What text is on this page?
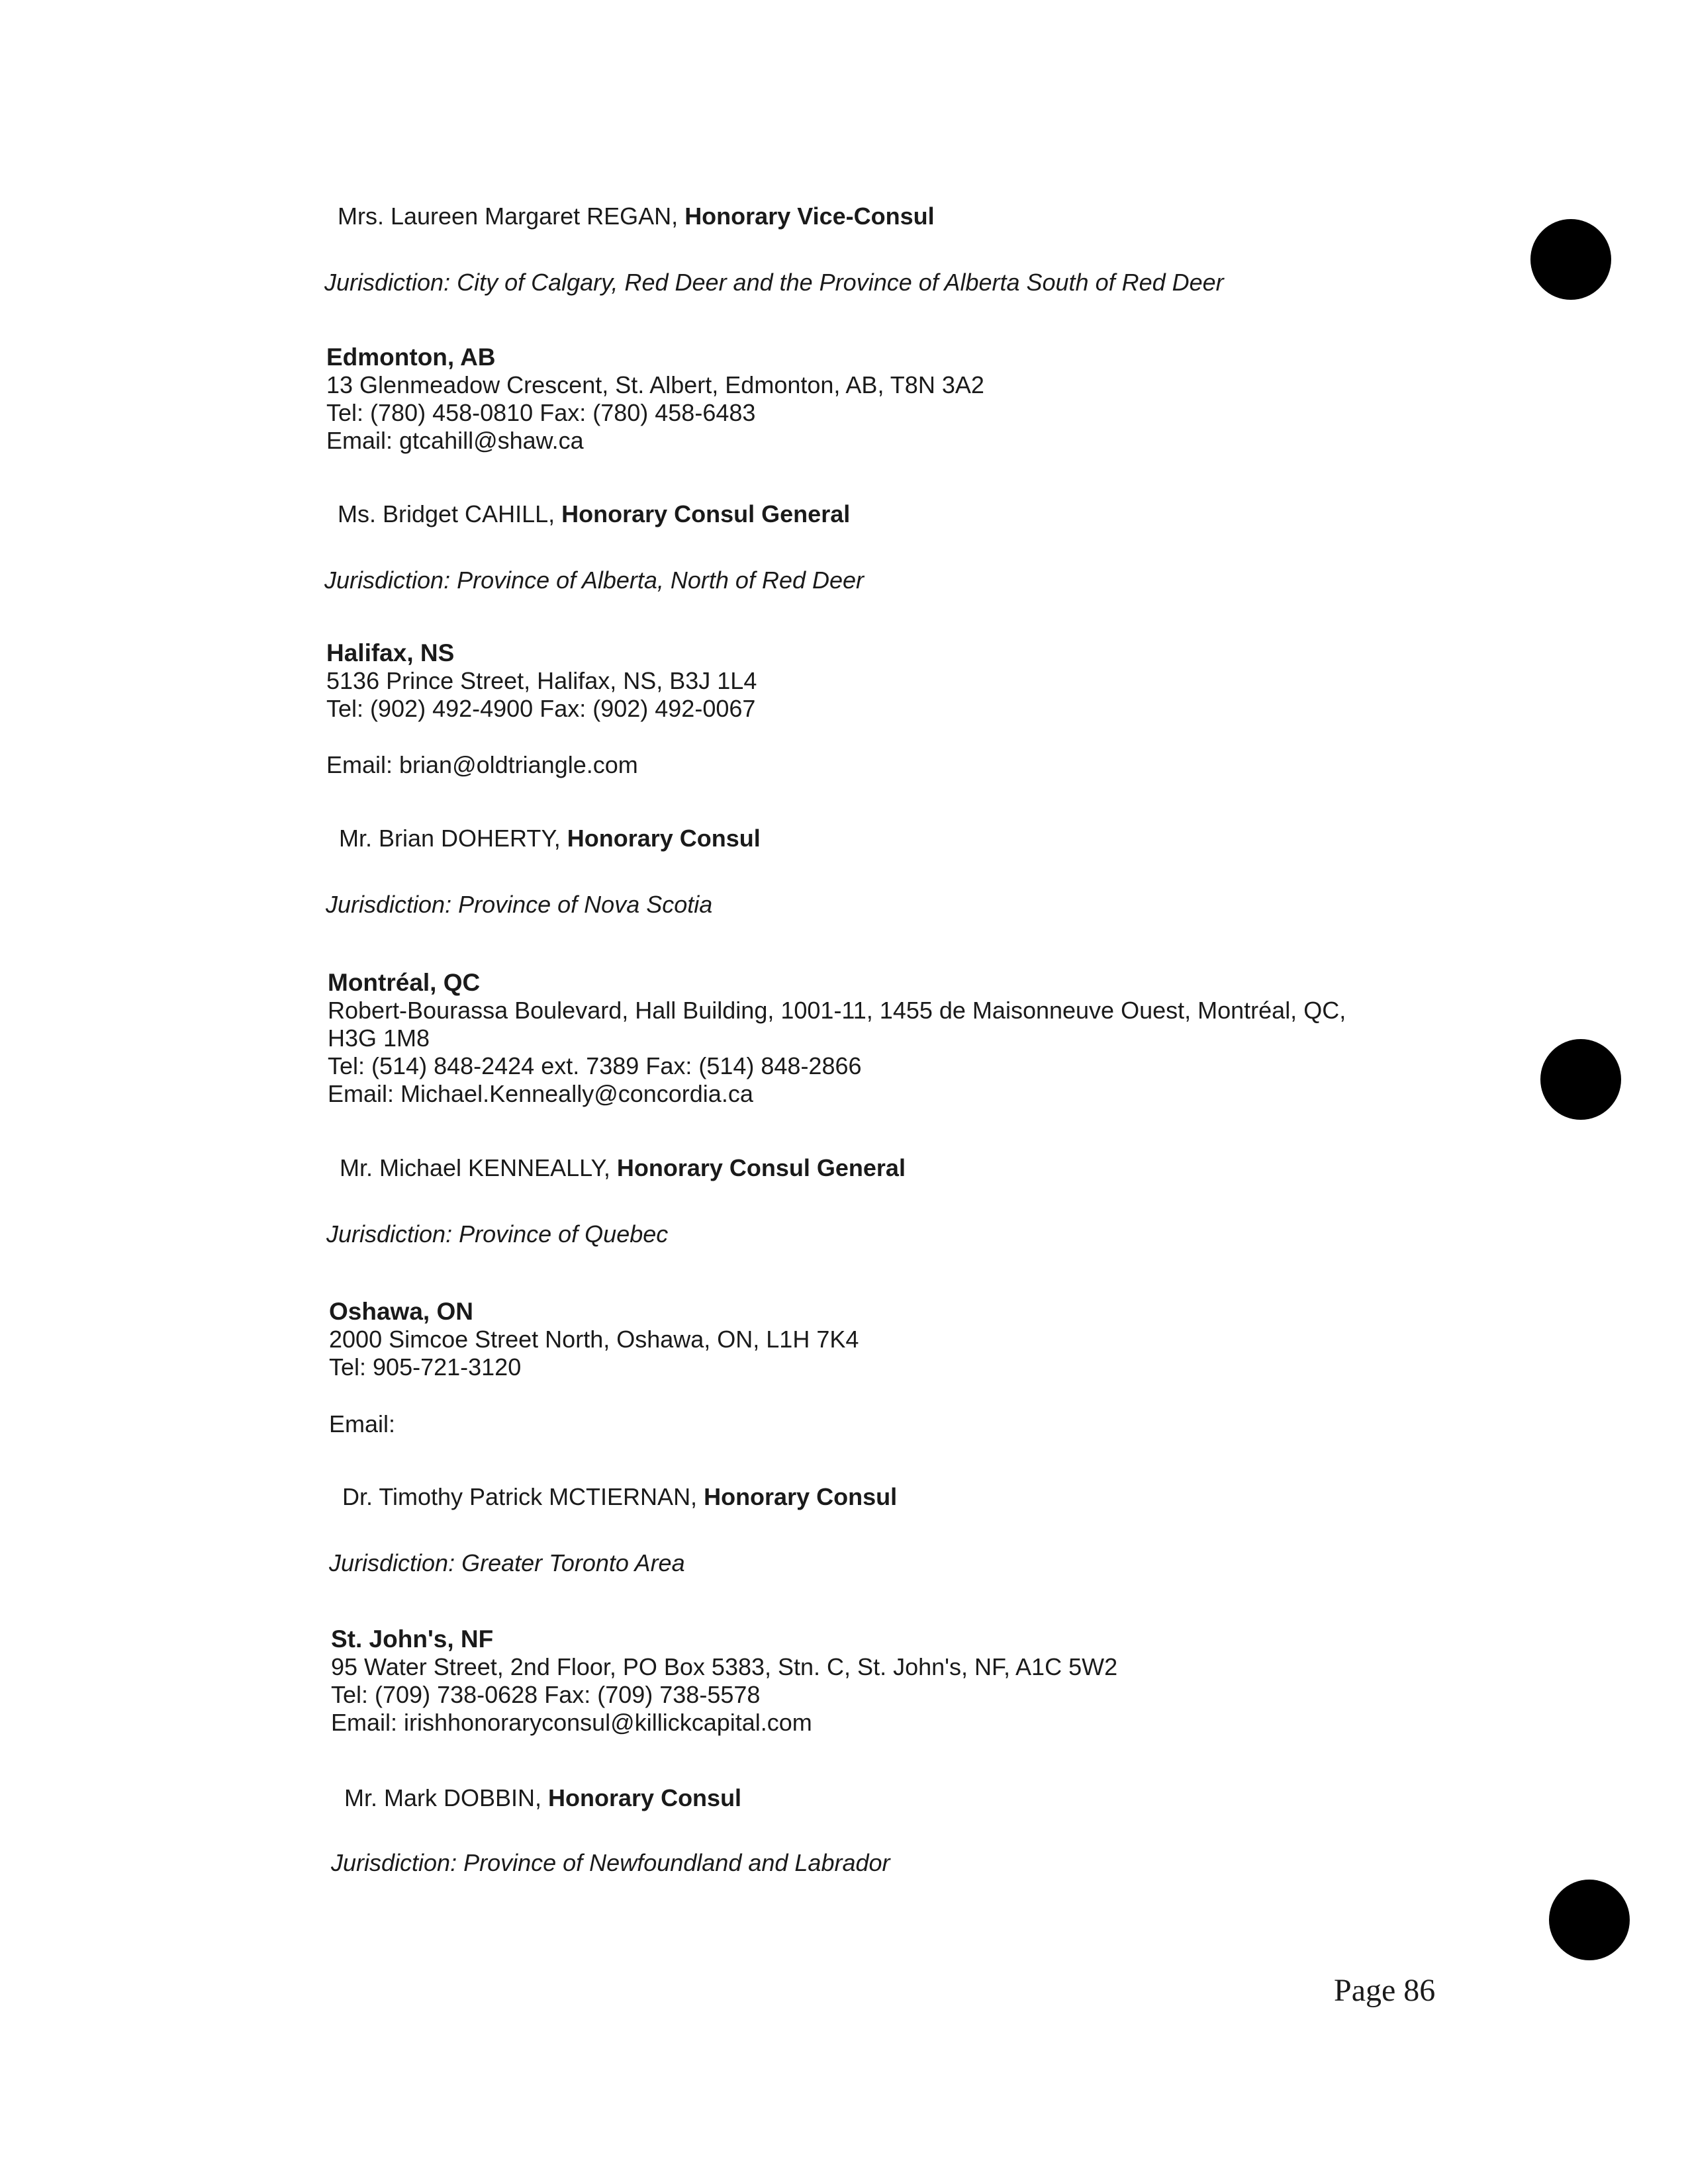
Mrs. Laureen Margaret REGAN, Honorary Vice-Consul
Jurisdiction: City of Calgary, Red Deer and the Province of Alberta South of Red Deer
Edmonton, AB
13 Glenmeadow Crescent, St. Albert, Edmonton, AB, T8N 3A2
Tel: (780) 458-0810 Fax: (780) 458-6483
Email: gtcahill@shaw.ca
Ms. Bridget CAHILL, Honorary Consul General
Jurisdiction: Province of Alberta, North of Red Deer
Halifax, NS
5136 Prince Street, Halifax, NS, B3J 1L4
Tel: (902) 492-4900 Fax: (902) 492-0067
Email: brian@oldtriangle.com
Mr. Brian DOHERTY, Honorary Consul
Jurisdiction: Province of Nova Scotia
Montréal, QC
Robert-Bourassa Boulevard, Hall Building, 1001-11, 1455 de Maisonneuve Ouest, Montréal, QC,
H3G 1M8
Tel: (514) 848-2424 ext. 7389 Fax: (514) 848-2866
Email: Michael.Kenneally@concordia.ca
Mr. Michael KENNEALLY, Honorary Consul General
Jurisdiction: Province of Quebec
Oshawa, ON
2000 Simcoe Street North, Oshawa, ON, L1H 7K4
Tel: 905-721-3120
Email:
Dr. Timothy Patrick MCTIERNAN, Honorary Consul
Jurisdiction: Greater Toronto Area
St. John's, NF
95 Water Street, 2nd Floor, PO Box 5383, Stn. C, St. John's, NF, A1C 5W2
Tel: (709) 738-0628 Fax: (709) 738-5578
Email: irishhonoraryconsul@killickcapital.com
Mr. Mark DOBBIN, Honorary Consul
Jurisdiction: Province of Newfoundland and Labrador
Page 86
